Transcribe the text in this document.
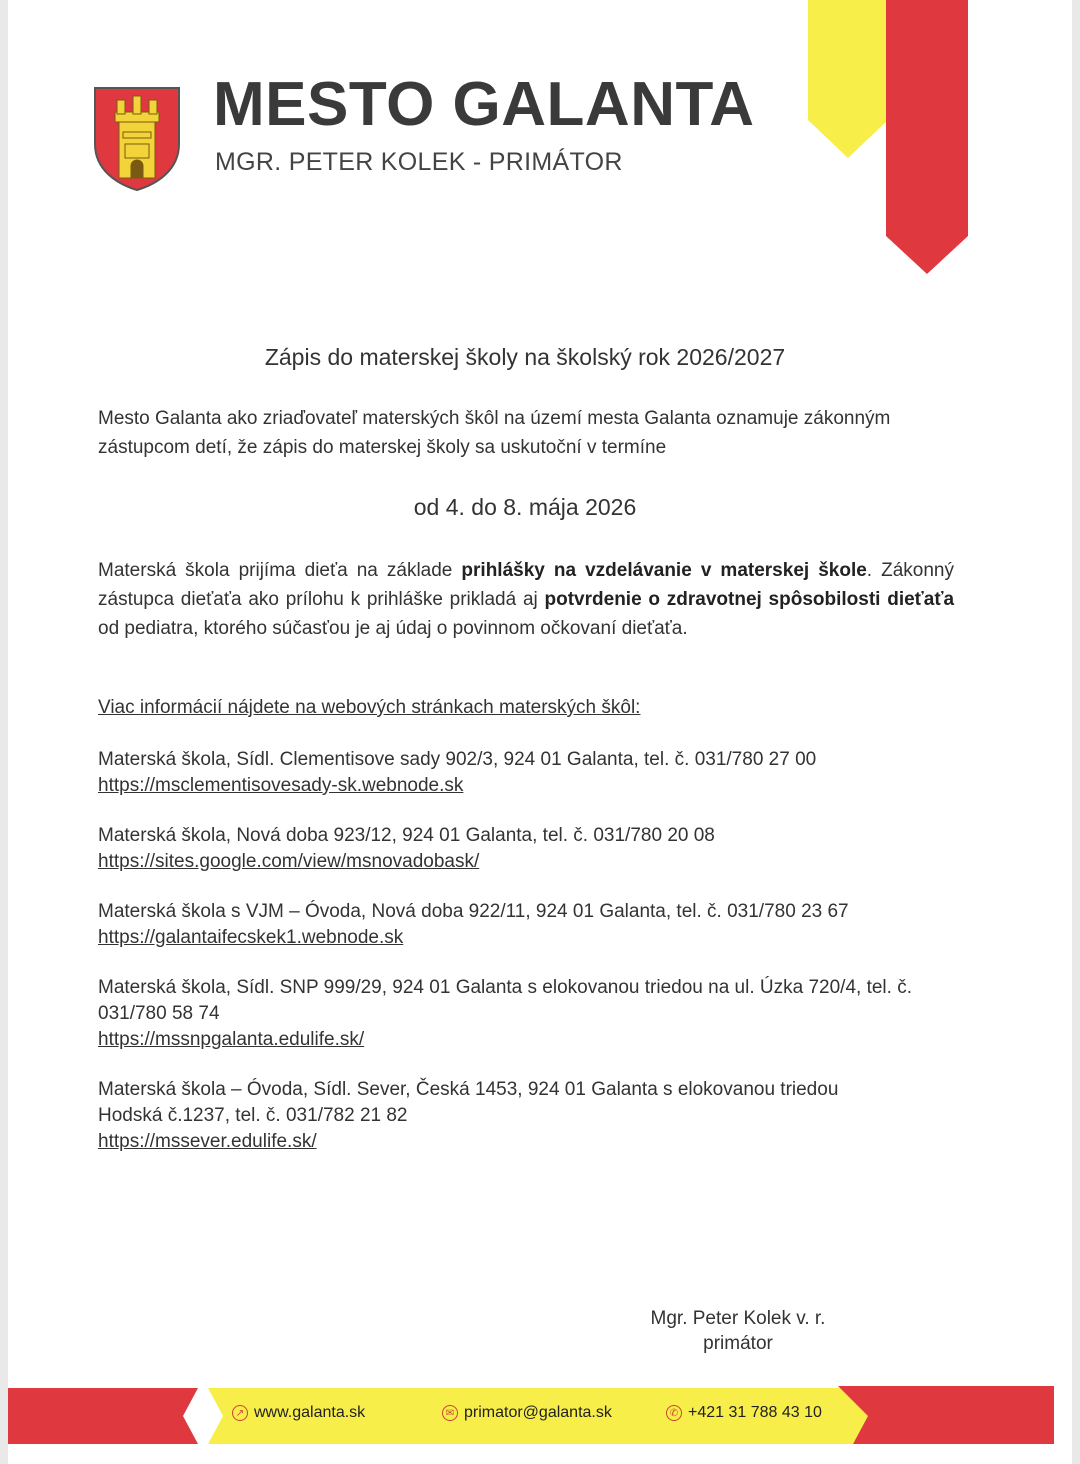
MESTO GALANTA
MGR. PETER KOLEK - PRIMÁTOR
Zápis do materskej školy na školský rok 2026/2027
Mesto Galanta ako zriaďovateľ materských škôl na území mesta Galanta oznamuje zákonným zástupcom detí, že zápis do materskej školy sa uskutoční v termíne
od 4. do 8. mája 2026
Materská škola prijíma dieťa na základe prihlášky na vzdelávanie v materskej škole. Zákonný zástupca dieťaťa ako prílohu k prihláške prikladá aj potvrdenie o zdravotnej spôsobilosti dieťaťa od pediatra, ktorého súčasťou je aj údaj o povinnom očkovaní dieťaťa.
Viac informácií nájdete na webových stránkach materských škôl:
Materská škola, Sídl. Clementisove sady 902/3, 924 01 Galanta, tel. č. 031/780 27 00
https://msclementisovesady-sk.webnode.sk
Materská škola, Nová doba 923/12, 924 01 Galanta, tel. č. 031/780 20 08
https://sites.google.com/view/msnovadobask/
Materská škola s VJM – Óvoda, Nová doba 922/11, 924 01 Galanta, tel. č. 031/780 23 67
https://galantaifecskek1.webnode.sk
Materská škola, Sídl. SNP 999/29, 924 01 Galanta s elokovanou triedou na ul. Úzka 720/4, tel. č. 031/780 58 74
https://mssnpgalanta.edulife.sk/
Materská škola – Óvoda, Sídl. Sever, Česká 1453, 924 01 Galanta s elokovanou triedou Hodská č.1237, tel. č. 031/782 21 82
https://mssever.edulife.sk/
Mgr. Peter Kolek v. r.
primátor
↗ www.galanta.sk	✉ primator@galanta.sk	✆ +421 31 788 43 10
